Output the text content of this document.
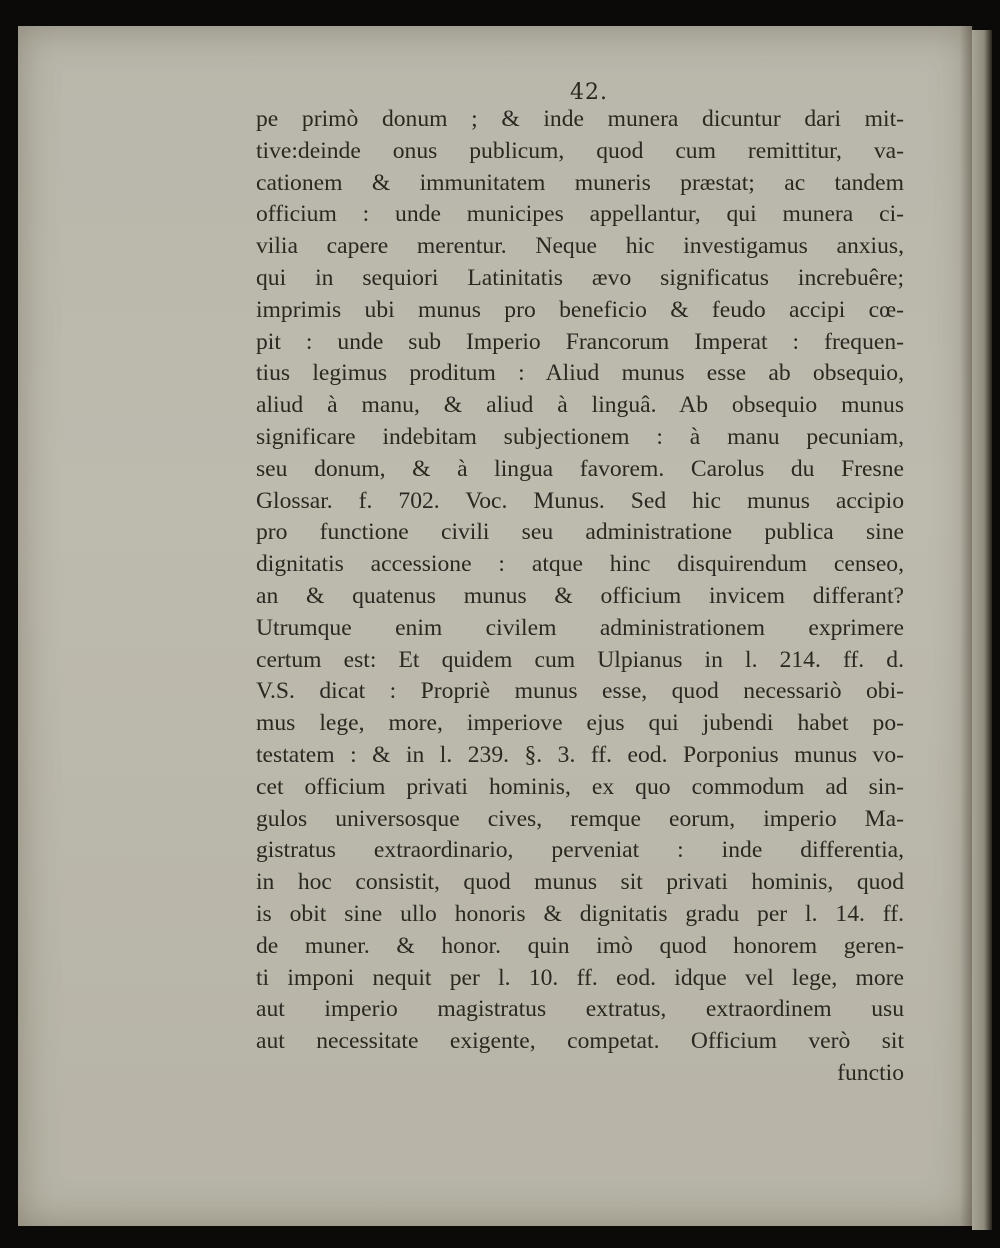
42.
pe primò donum ; & inde munera dicuntur dari mit-
tive:deinde onus publicum, quod cum remittitur, va-
cationem & immunitatem muneris præstat; ac tandem
officium : unde municipes appellantur, qui munera ci-
vilia capere merentur. Neque hic investigamus anxius,
qui in sequiori Latinitatis ævo significatus increbuêre;
imprimis ubi munus pro beneficio & feudo accipi cœ-
pit : unde sub Imperio Francorum Imperat : frequen-
tius legimus proditum : Aliud munus esse ab obsequio,
aliud à manu, & aliud à linguâ. Ab obsequio munus
significare indebitam subjectionem : à manu pecuniam,
seu donum, & à lingua favorem. Carolus du Fresne
Glossar. f. 702. Voc. Munus. Sed hic munus accipio
pro functione civili seu administratione publica sine
dignitatis accessione : atque hinc disquirendum censeo,
an & quatenus munus & officium invicem differant?
Utrumque enim civilem administrationem exprimere
certum est: Et quidem cum Ulpianus in l. 214. ff. d.
V.S. dicat : Propriè munus esse, quod necessariò obi-
mus lege, more, imperiove ejus qui jubendi habet po-
testatem : & in l. 239. §. 3. ff. eod. Porponius munus vo-
cet officium privati hominis, ex quo commodum ad sin-
gulos universosque cives, remque eorum, imperio Ma-
gistratus extraordinario, perveniat : inde differentia,
in hoc consistit, quod munus sit privati hominis, quod
is obit sine ullo honoris & dignitatis gradu per l. 14. ff.
de muner. & honor. quin imò quod honorem geren-
ti imponi nequit per l. 10. ff. eod. idque vel lege, more
aut imperio magistratus extratus, extraordinem usu
aut necessitate exigente, competat. Officium verò sit
functio
